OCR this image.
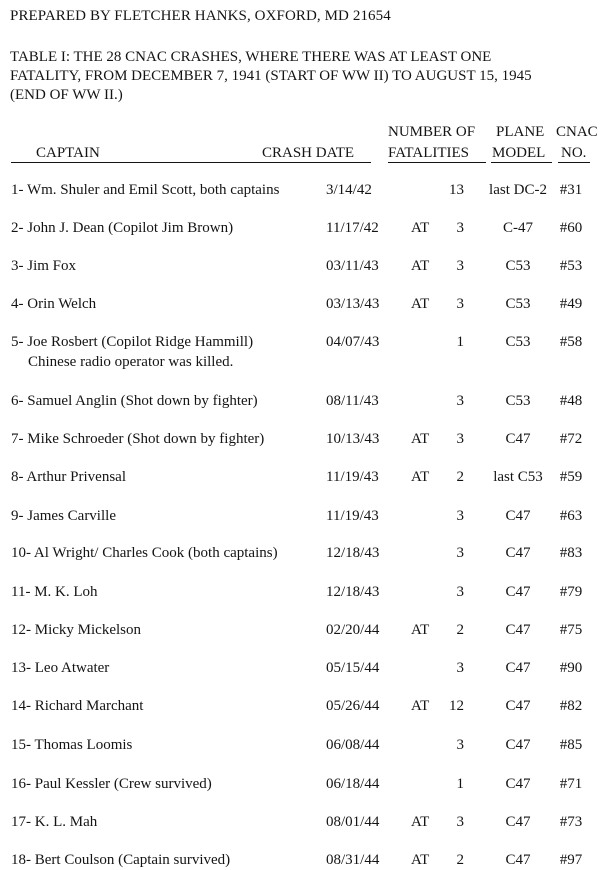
PREPARED BY FLETCHER HANKS, OXFORD, MD 21654
TABLE I: THE 28 CNAC CRASHES, WHERE THERE WAS AT LEAST ONE
FATALITY, FROM DECEMBER 7, 1941 (START OF WW II) TO AUGUST 15, 1945
(END OF WW II.)
NUMBER OF PLANE CNAC
CAPTAIN	CRASH DATE FATALITIES MODEL NO.
1- Wm. Shuler and Emil Scott, both captains	3/14/42	13	last DC-2 #31
2- John J. Dean (Copilot Jim Brown)	11/17/42 AT	3	C-47	#60
3- Jim Fox	03/11/43 AT	3	C53	#53
4- Orin Welch	03/13/43 AT	3	C53	#49
5- Joe Rosbert (Copilot Ridge Hammill)	04/07/43	1	C53	#58
Chinese radio operator was killed.
6- Samuel Anglin (Shot down by fighter)	08/11/43	3	C53	#48
7- Mike Schroeder (Shot down by fighter)	10/13/43 AT	3	C47	#72
8- Arthur Privensal	11/19/43 AT	2	last C53	#59
9- James Carville	11/19/43	3	C47	#63
10- Al Wright/ Charles Cook (both captains)	12/18/43	3	C47	#83
11- M. K. Loh	12/18/43	3	C47	#79
12- Micky Mickelson	02/20/44 AT	2	C47	#75
13- Leo Atwater	05/15/44	3	C47	#90
14- Richard Marchant	05/26/44 AT	12	C47	#82
15- Thomas Loomis	06/08/44	3	C47	#85
16- Paul Kessler (Crew survived)	06/18/44	1	C47	#71
17- K. L. Mah	08/01/44 AT	3	C47	#73
18- Bert Coulson (Captain survived)	08/31/44 AT	2	C47	#97
